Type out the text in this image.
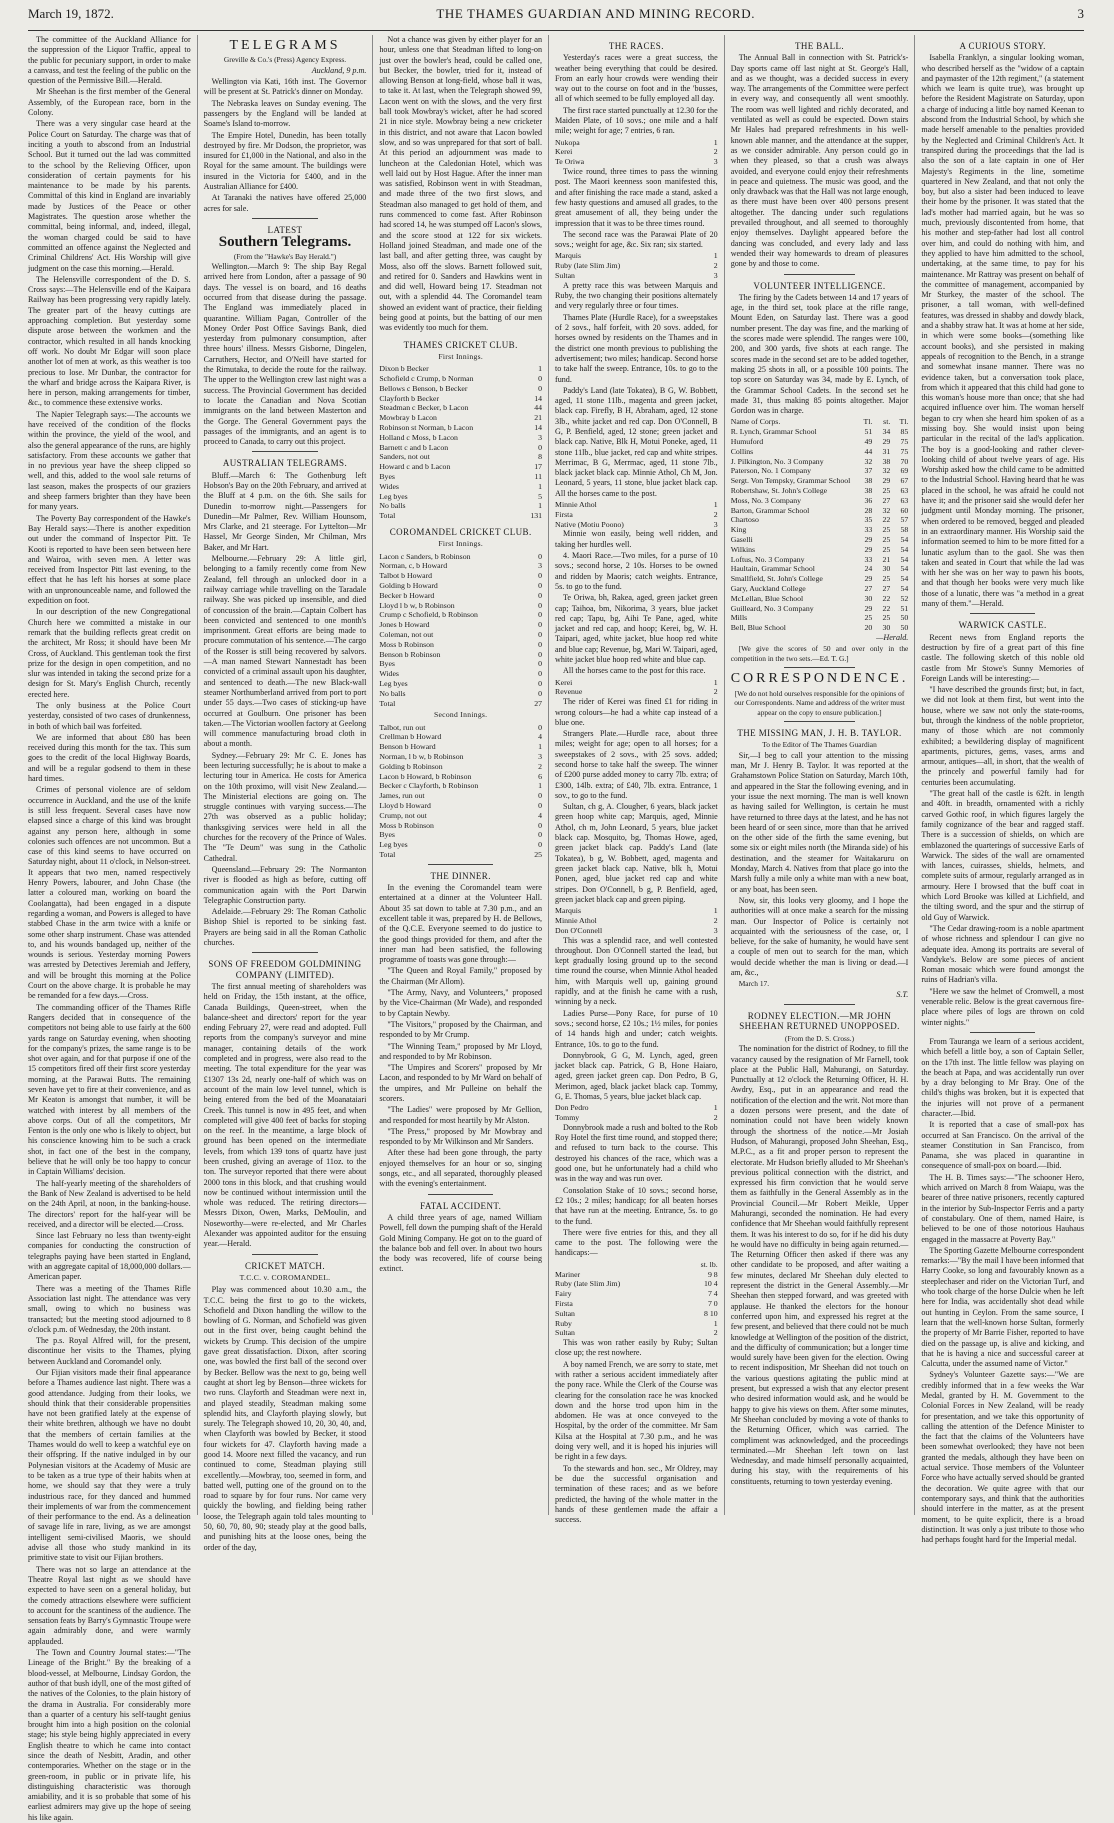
March 19, 1872.	THE THAMES GUARDIAN AND MINING RECORD.	3

The committee of the Auckland Alliance for the suppression of the Liquor Traffic, appeal to the public for pecuniary support, in order to make a canvass, and test the feeling of the public on the question of the Permissive Bill.—Herald.

Mr Sheehan is the first member of the General Assembly, of the European race, born in the Colony.

There was a very singular case heard at the Police Court on Saturday. The charge was that of inciting a youth to abscond from an Industrial School. But it turned out the lad was committed to the school by the Relieving Officer, upon consideration of certain payments for his maintenance to be made by his parents. Committal of this kind in England are invariably made by Justices of the Peace or other Magistrates. The question arose whether the committal, being informal, and, indeed, illegal, the woman charged could be said to have committed an offence against the Neglected and Criminal Childrens' Act. His Worship will give judgment on the case this morning.—Herald.

The Helensville correspondent of the D. S. Cross says:—The Helensville end of the Kaipara Railway has been progressing very rapidly lately. The greater part of the heavy cuttings are approaching completion. But yesterday some dispute arose between the workmen and the contractor, which resulted in all hands knocking off work. No doubt Mr Edgar will soon place another lot of men at work, as this weather is too precious to lose. Mr Dunbar, the contractor for the wharf and bridge across the Kaipara River, is here in person, making arrangements for timber, &c., to commence these extensive works.

The Napier Telegraph says:—The accounts we have received of the condition of the flocks within the province, the yield of the wool, and also the general appearance of the runs, are highly satisfactory. From these accounts we gather that in no previous year have the sheep clipped so well, and this, added to the wool sale returns of last season, makes the prospects of our graziers and sheep farmers brighter than they have been for many years.

The Poverty Bay correspondent of the Hawke's Bay Herald says:—There is another expedition out under the command of Inspector Pitt. Te Kooti is reported to have been seen between here and Wairoa, with seven men. A letter was received from Inspector Pitt last evening, to the effect that he has left his horses at some place with an unpronounceable name, and followed the expedition on foot.

In our description of the new Congregational Church here we committed a mistake in our remark that the building reflects great credit on the architect, Mr Ross; it should have been Mr Cross, of Auckland. This gentleman took the first prize for the design in open competition, and no slur was intended in taking the second prize for a design for St. Mary's English Church, recently erected here.

The only business at the Police Court yesterday, consisted of two cases of drunkenness, in both of which bail was forfeited.

We are informed that about £80 has been received during this month for the tax. This sum goes to the credit of the local Highway Boards, and will be a regular godsend to them in these hard times.

Crimes of personal violence are of seldom occurrence in Auckland, and the use of the knife is still less frequent. Several cases have now elapsed since a charge of this kind was brought against any person here, although in some colonies such offences are not uncommon. But a case of this kind seems to have occurred on Saturday night, about 11 o'clock, in Nelson-street. It appears that two men, named respectively Henry Powers, labourer, and John Chase (the latter a coloured man, working on board the Coolangatta), had been engaged in a dispute regarding a woman, and Powers is alleged to have stabbed Chase in the arm twice with a knife or some other sharp instrument. Chase was attended to, and his wounds bandaged up, neither of the wounds is serious. Yesterday morning Powers was arrested by Detectives Jeremiah and Jeffery, and will be brought this morning at the Police Court on the above charge. It is probable he may be remanded for a few days.—Cross.

The commanding officer of the Thames Rifle Rangers decided that in consequence of the competitors not being able to use fairly at the 600 yards range on Saturday evening, when shooting for the company's prizes, the same range is to be shot over again, and for that purpose if one of the 15 competitors fired off their first score yesterday morning, at the Parawai Butts. The remaining seven have yet to fire at their convenience, and as Mr Keaton is amongst that number, it will be watched with interest by all members of the above corps. Out of all the competitors, Mr Fenton is the only one who is likely to object, but his conscience knowing him to be such a crack shot, in fact one of the best in the company, believe that he will only be too happy to concur in Captain Williams' decision.

The half-yearly meeting of the shareholders of the Bank of New Zealand is advertised to be held on the 24th April, at noon, in the banking-house. The directors' report for the half-year will be received, and a director will be elected.—Cross.

Since last February no less than twenty-eight companies for conducting the construction of telegraphs paying have been started in England, with an aggregate capital of 18,000,000 dollars.—American paper.

There was a meeting of the Thames Rifle Association last night. The attendance was very small, owing to which no business was transacted; but the meeting stood adjourned to 8 o'clock p.m. of Wednesday, the 20th instant.

The p.s. Royal Alfred will, for the present, discontinue her visits to the Thames, plying between Auckland and Coromandel only.

Our Fijian visitors made their final appearance before a Thames audience last night. There was a good attendance. Judging from their looks, we should think that their considerable propensities have not been gratified lately at the expense of their white brethren, although we have no doubt that the members of certain families at the Thames would do well to keep a watchful eye on their offspring. If the native indulged in by our Polynesian visitors at the Academy of Music are to be taken as a true type of their habits when at home, we should say that they were a truly industrious race, for they danced and hummed their implements of war from the commencement of their performance to the end. As a delineation of savage life in rare, living, as we are amongst intelligent semi-civilised Maoris, we should advise all those who study mankind in its primitive state to visit our Fijian brothers.

There was not so large an attendance at the Theatre Royal last night as we should have expected to have seen on a general holiday, but the comedy attractions elsewhere were sufficient to account for the scantiness of the audience. The sensation feats by Barry's Gymnastic Troupe were again admirably done, and were warmly applauded.

The Town and Country Journal states:—"The Lineage of the Bright." By the breaking of a blood-vessel, at Melbourne, Lindsay Gordon, the author of that bush idyll, one of the most gifted of the natives of the Colonies, to the plain history of the drama in Australia. For considerably more than a quarter of a century his self-taught genius brought him into a high position on the colonial stage; his style being highly appreciated in every English theatre to which he came into contact since the death of Nesbitt, Aradin, and other contemporaries. Whether on the stage or in the green-room, in public or in private life, his distinguishing characteristic was thorough amiability, and it is so probable that some of his earliest admirers may give up the hope of seeing his like again.

TELEGRAMS

Greville & Co.'s (Press) Agency Express.

Auckland, 9 p.m.

Wellington via Kati, 16th inst. The Governor will be present at St. Patrick's dinner on Monday.

The Nebraska leaves on Sunday evening. The passengers by the England will be landed at Soame's Island to-morrow.

The Empire Hotel, Dunedin, has been totally destroyed by fire. Mr Dodson, the proprietor, was insured for £1,000 in the National, and also in the Royal for the same amount. The buildings were insured in the Victoria for £400, and in the Australian Alliance for £400.

At Taranaki the natives have offered 25,000 acres for sale.

LATEST
Southern Telegrams.

(From the "Hawke's Bay Herald.")

Wellington.—March 9: The ship Bay Regal arrived here from London, after a passage of 90 days. The vessel is on board, and 16 deaths occurred from that disease during the passage. The England was immediately placed in quarantine. William Pagan, Controller of the Money Order Post Office Savings Bank, died yesterday from pulmonary consumption, after three hours' illness. Messrs Gisborne, Dingelen, Carruthers, Hector, and O'Neill have started for the Rimutaka, to decide the route for the railway. The upper to the Wellington crew last night was a success. The Provincial Government has decided to locate the Canadian and Nova Scotian immigrants on the land between Masterton and the Gorge. The General Government pays the passages of the immigrants, and an agent is to proceed to Canada, to carry out this project.

AUSTRALIAN TELEGRAMS.

Bluff.—March 6: The Gothenburg left Hobson's Bay on the 20th February, and arrived at the Bluff at 4 p.m. on the 6th. She sails for Dunedin to-morrow night.—Passengers for Dunedin—Mr Palmer, Rev. William Hounsom, Mrs Clarke, and 21 steerage. For Lyttelton—Mr Hassel, Mr George Sinden, Mr Chilman, Mrs Baker, and Mr Hart.

Melbourne.—February 29: A little girl, belonging to a family recently come from New Zealand, fell through an unlocked door in a railway carriage while travelling on the Taradale railway. She was picked up insensible, and died of concussion of the brain.—Captain Colbert has been convicted and sentenced to one month's imprisonment. Great efforts are being made to procure commutation of his sentence.—The cargo of the Rosser is still being recovered by salvors.—A man named Stewart Nannestadt has been convicted of a criminal assault upon his daughter, and sentenced to death.—The new Black-wall steamer Northumberland arrived from port to port under 55 days.—Two cases of sticking-up have occurred at Goulburn. One prisoner has been taken.—The Victorian woollen factory at Geelong will commence manufacturing broad cloth in about a month.

Sydney.—February 29: Mr C. E. Jones has been lecturing successfully; he is about to make a lecturing tour in America. He costs for America on the 10th proximo, will visit New Zealand.—The Ministerial elections are going on. The struggle continues with varying success.—The 27th was observed as a public holiday; thanksgiving services were held in all the churches for the recovery of the Prince of Wales. The "Te Deum" was sung in the Catholic Cathedral.

Queensland.—February 29: The Normanton river is flooded as high as before, cutting off communication again with the Port Darwin Telegraphic Construction party.

Adelaide.—February 29: The Roman Catholic Bishop Shiel is reported to be sinking fast. Prayers are being said in all the Roman Catholic churches.

SONS OF FREEDOM GOLDMINING COMPANY (LIMITED).

The first annual meeting of shareholders was held on Friday, the 15th instant, at the office, Canada Buildings, Queen-street, when the balance-sheet and directors' report for the year ending February 27, were read and adopted. Full reports from the company's surveyor and mine manager, containing details of the work completed and in progress, were also read to the meeting. The total expenditure for the year was £1307 13s 2d, nearly one-half of which was on account of the main low level tunnel, which is being entered from the bed of the Moanataiari Creek. This tunnel is now in 495 feet, and when completed will give 400 feet of backs for stoping on the reef. In the meantime, a large block of ground has been opened on the intermediate levels, from which 139 tons of quartz have just been crushed, giving an average of 11oz. to the ton. The surveyor reported that there were about 2000 tons in this block, and that crushing would now be continued without intermission until the whole was reduced. The retiring directors—Messrs Dixon, Owen, Marks, DeMoulin, and Noseworthy—were re-elected, and Mr Charles Alexander was appointed auditor for the ensuing year.—Herald.

CRICKET MATCH.
T.C.C. v. COROMANDEL.

Play was commenced about 10.30 a.m., the T.C.C. being the first to go to the wickets, Schofield and Dixon handling the willow to the bowling of G. Norman, and Schofield was given out in the first over, being caught behind the wickets by Crump. This decision of the umpire gave great dissatisfaction. Dixon, after scoring one, was bowled the first ball of the second over by Becker. Bellow was the next to go, being well caught at short leg by Benson—three wickets for two runs. Clayforth and Steadman were next in, and played steadily, Steadman making some splendid hits, and Clayforth playing slowly, but surely. The Telegraph showed 10, 20, 30, 40, and, when Clayforth was bowled by Becker, it stood four wickets for 47. Clayforth having made a good 14. Moore next filled the vacancy, and run continued to come, Steadman playing still excellently.—Mowbray, too, seemed in form, and batted well, putting one of the ground on to the road to square by for four runs. Nor came very quickly the bowling, and fielding being rather loose, the Telegraph again told tales mounting to 50, 60, 70, 80, 90; steady play at the good balls, and punishing hits at the loose ones, being the order of the day,

Not a chance was given by either player for an hour, unless one that Steadman lifted to long-on just over the bowler's head, could be called one, but Becker, the bowler, tried for it, instead of allowing Benson at long-field, whose ball it was, to take it. At last, when the Telegraph showed 99, Lacon went on with the slows, and the very first ball took Mowbray's wicket, after he had scored 21 in nice style. Mowbray being a new cricketer in this district, and not aware that Lacon bowled slow, and so was unprepared for that sort of ball. At this period an adjournment was made to luncheon at the Caledonian Hotel, which was well laid out by Host Hague. After the inner man was satisfied, Robinson went in with Steadman, and made three of the two first slows, and Steadman also managed to get hold of them, and runs commenced to come fast. After Robinson had scored 14, he was stumped off Lacon's slows, and the score stood at 122 for six wickets. Holland joined Steadman, and made one of the last ball, and after getting three, was caught by Moss, also off the slows. Barnett followed suit, and retired for 0. Sanders and Hawkins went in and did well, Howard being 17. Steadman not out, with a splendid 44. The Coromandel team showed an evident want of practice, their fielding being good at points, but the batting of our men was evidently too much for them.

THAMES CRICKET CLUB.
First Innings.
Dixon b Becker	1
Schofield c Crump, b Norman	0
Bellows c Benson, b Becker	0
Clayforth b Becker	14
Steadman c Becker, b Lacon	44
Mowbray b Lacon	21
Robinson st Norman, b Lacon	14
Holland c Moss, b Lacon	3
Barnett c and b Lacon	0
Sanders, not out	8
Howard c and b Lacon	17
Byes	11
Wides	1
Leg byes	5
No balls	1
Total	131
COROMANDEL CRICKET CLUB.
First Innings.
Lacon c Sanders, b Robinson	0
Norman, c, b Howard	3
Talbot b Howard	0
Golding b Howard	0
Becker b Howard	0
Lloyd l b w, b Robinson	0
Crump c Schofield, b Robinson	0
Jones b Howard	0
Coleman, not out	0
Moss b Robinson	0
Benson b Robinson	0
Byes	0
Wides	0
Leg byes	0
No balls	0
Total	27
Second Innings.
Talbot, run out	0
Crellman b Howard	4
Benson b Howard	1
Norman, l b w, b Robinson	3
Golding b Robinson	2
Lacon b Howard, b Robinson	6
Becker c Clayforth, b Robinson	1
James, run out	0
Lloyd b Howard	0
Crump, not out	4
Moss b Robinson	0
Byes	0
Leg byes	0
Total	25
THE DINNER.

In the evening the Coromandel team were entertained at a dinner at the Volunteer Hall. About 35 sat down to table at 7.30 p.m., and an excellent table it was, prepared by H. de Bellows, of the Q.C.E. Everyone seemed to do justice to the good things provided for them, and after the inner man had been satisfied, the following programme of toasts was gone through:—

"The Queen and Royal Family," proposed by the Chairman (Mr Allom).

"The Army, Navy, and Volunteers," proposed by the Vice-Chairman (Mr Wade), and responded to by Captain Newby.

"The Visitors," proposed by the Chairman, and responded to by Mr Crump.

"The Winning Team," proposed by Mr Lloyd, and responded to by Mr Robinson.

"The Umpires and Scorers" proposed by Mr Lacon, and responded to by Mr Ward on behalf of the umpires, and Mr Pulleine on behalf the scorers.

"The Ladies" were proposed by Mr Gellion, and responded for most heartily by Mr Alston.

"The Press," proposed by Mr Mowbray and responded to by Mr Wilkinson and Mr Sanders.

After these had been gone through, the party enjoyed themselves for an hour or so, singing songs, etc., and all separated, thoroughly pleased with the evening's entertainment.

FATAL ACCIDENT.

A child three years of age, named William Powell, fell down the pumping shaft of the Herald Gold Mining Company. He got on to the guard of the balance bob and fell over. In about two hours the body was recovered, life of course being extinct.

THE RACES.

Yesterday's races were a great success, the weather being everything that could be desired. From an early hour crowds were wending their way out to the course on foot and in the 'busses, all of which seemed to be fully employed all day.

The first race started punctually at 12.30 for the Maiden Plate, of 10 sovs.; one mile and a half mile; weight for age; 7 entries, 6 ran.

Nukopa	1
Kerei	2
Te Oriwa	3

Twice round, three times to pass the winning post. The Maori keenness soon manifested this, and after finishing the race made a stand, asked a few hasty questions and amused all grades, to the great amusement of all, they being under the impression that it was to be three times round.

The second race was the Parawai Plate of 20 sovs.; weight for age, &c. Six ran; six started.

Marquis	1
Ruby (late Slim Jim)	2
Sultan	3

A pretty race this was between Marquis and Ruby, the two changing their positions alternately and very regularly three or four times.

Thames Plate (Hurdle Race), for a sweepstakes of 2 sovs., half forfeit, with 20 sovs. added, for horses owned by residents on the Thames and in the district one month previous to publishing the advertisement; two miles; handicap. Second horse to take half the sweep. Entrance, 10s. to go to the fund.

Paddy's Land (late Tokatea), B G, W. Bobbett, aged, 11 stone 11lb., magenta and green jacket, black cap. Firefly, B H, Abraham, aged, 12 stone 3lb., white jacket and red cap. Don O'Connell, B G, P. Benfield, aged, 12 stone; green jacket and black cap. Native, Blk H, Motui Poneke, aged, 11 stone 11lb., blue jacket, red cap and white stripes. Merrimac, B G, Merrmac, aged, 11 stone 7lb., black jacket black cap. Minnie Athol, Ch M, Jon. Leonard, 5 years, 11 stone, blue jacket black cap. All the horses came to the post.

Minnie Athol	1
Firsta	2
Native (Motiu Poono)	3

Minnie won easily, being well ridden, and taking her hurdles well.

4. Maori Race.—Two miles, for a purse of 10 sovs.; second horse, 2 10s. Horses to be owned and ridden by Maoris; catch weights. Entrance, 5s. to go to the fund.

Te Oriwa, bh, Rakea, aged, green jacket green cap; Taihoa, bm, Nikorima, 3 years, blue jacket red cap; Tapu, bg, Aihi Te Pane, aged, white jacket and red cap, and hoop; Kerei, bg, W. H. Taipari, aged, white jacket, blue hoop red white and blue cap; Revenue, bg, Mari W. Taipari, aged, white jacket blue hoop red white and blue cap.

All the horses came to the post for this race.

Kerei	1
Revenue	2

The rider of Kerei was fined £1 for riding in wrong colours—he had a white cap instead of a blue one.

Strangers Plate.—Hurdle race, about three miles; weight for age; open to all horses; for a sweepstakes of 2 sovs., with 25 sovs. added; second horse to take half the sweep. The winner of £200 purse added money to carry 7lb. extra; of £300, 14lb. extra; of £40, 7lb. extra. Entrance, 1 sov., to go to the fund.

Sultan, ch g, A. Clougher, 6 years, black jacket green hoop white cap; Marquis, aged, Minnie Athol, ch m, John Leonard, 5 years, blue jacket black cap. Mosquito, bg, Thomas Howe, aged, green jacket black cap. Paddy's Land (late Tokatea), b g, W. Bobbett, aged, magenta and green jacket black cap. Native, blk h, Motui Ponen, aged, blue jacket red cap and white stripes. Don O'Connell, b g, P. Benfield, aged, green jacket black cap and green piping.

Marquis	1
Minnie Athol	2
Don O'Connell	3

This was a splendid race, and well contested throughout. Don O'Connell started the lead, but kept gradually losing ground up to the second time round the course, when Minnie Athol headed him, with Marquis well up, gaining ground rapidly, and at the finish he came with a rush, winning by a neck.

Ladies Purse—Pony Race, for purse of 10 sovs.; second horse, £2 10s.; 1½ miles, for ponies of 14 hands high and under; catch weights. Entrance, 10s. to go to the fund.

Donnybrook, G G, M. Lynch, aged, green jacket black cap. Patrick, G B, Hone Haiaro, aged, green jacket green cap. Don Pedro, B G, Merimon, aged, black jacket black cap. Tommy, G, E. Thomas, 5 years, blue jacket black cap.

Don Pedro	1
Tommy	2

Donnybrook made a rush and bolted to the Rob Roy Hotel the first time round, and stopped there; and refused to turn back to the course. This destroyed his chances of the race, which was a good one, but he unfortunately had a child who was in the way and was run over.

Consolation Stake of 10 sovs.; second horse, £2 10s.; 2 miles; handicap; for all beaten horses that have run at the meeting. Entrance, 5s. to go to the fund.

There were five entries for this, and they all came to the post. The following were the handicaps:—

	st. lb.
Mariner	9 8
Ruby (late Slim Jim)	10 4
Fairy	7 4
Firsta	7 0
Sultan	8 10
Ruby	1
Sultan	2

This was won rather easily by Ruby; Sultan close up; the rest nowhere.

A boy named French, we are sorry to state, met with rather a serious accident immediately after the pony race. While the Clerk of the Course was clearing for the consolation race he was knocked down and the horse trod upon him in the abdomen. He was at once conveyed to the Hospital, by the order of the committee. Mr Sam Kilsa at the Hospital at 7.30 p.m., and he was doing very well, and it is hoped his injuries will be right in a few days.

To the stewards and hon. sec., Mr Oldrey, may be due the successful organisation and termination of these races; and as we before predicted, the having of the whole matter in the hands of these gentlemen made the affair a success.

THE BALL.

The Annual Ball in connection with St. Patrick's-Day sports came off last night at St. George's Hall, and as we thought, was a decided success in every way. The arrangements of the Committee were perfect in every way, and consequently all went smoothly. The room was well lighted and richly decorated, and ventilated as well as could be expected. Down stairs Mr Hales had prepared refreshments in his well-known able manner, and the attendance at the supper, as we consider admirable. Any person could go in when they pleased, so that a crush was always avoided, and everyone could enjoy their refreshments in peace and quietness. The music was good, and the only drawback was that the Hall was not large enough, as there must have been over 400 persons present altogether. The dancing under such regulations prevailed throughout, and all seemed to thoroughly enjoy themselves. Daylight appeared before the dancing was concluded, and every lady and lass wended their way homewards to dream of pleasures gone by and those to come.

VOLUNTEER INTELLIGENCE.

The firing by the Cadets between 14 and 17 years of age, in the third set, took place at the rifle range, Mount Eden, on Saturday last. There was a good number present. The day was fine, and the marking of the scores made were splendid. The ranges were 100, 200, and 300 yards, five shots at each range. The scores made in the second set are to be added together, making 25 shots in all, or a possible 100 points. The top score on Saturday was 34, made by E. Lynch, of the Grammar School Cadets. In the second set he made 31, thus making 85 points altogether. Major Gordon was in charge.

Name of Corps.	Tl.	st.	Tl.
R. Lynch, Grammar School	51	34	85
Humuford	49	29	75
Collins	44	31	75
J. Pilkington, No. 3 Company	32	38	70
Paterson, No. 1 Company	37	32	69
Sergt. Von Tempsky, Grammar School	38	29	67
Robertshaw, St. John's College	38	25	63
Moss, No. 3 Company	36	27	63
Barton, Grammar School	28	32	60
Chartoso	35	22	57
King	33	25	58
Gaselli	29	25	54
Wilkins	29	25	54
Loftus, No. 3 Company	33	21	54
Haultain, Grammar School	24	30	54
Smallfield, St. John's College	29	25	54
Gary, Auckland College	27	27	54
McLellan, Blue School	30	22	52
Guilleard, No. 3 Company	29	22	51
Mills	25	25	50
Bell, Blue School	20	30	50

—Herald.

[We give the scores of 50 and over only in the competition in the two sets.—Ed. T. G.]

CORRESPONDENCE.

[We do not hold ourselves responsible for the opinions of our Correspondents. Name and address of the writer must appear on the copy to ensure publication.]

THE MISSING MAN, J. H. B. TAYLOR.

To the Editor of The Thames Guardian

Sir,—I beg to call your attention to the missing man, Mr J. Henry B. Taylor. It was reported at the Grahamstown Police Station on Saturday, March 10th, and appeared in the Star the following evening, and in your issue the next morning. The man is well known as having sailed for Wellington, is certain he must have returned to three days at the latest, and he has not been heard of or seen since, more than that he arrived on the other side of the firth the same evening, but some six or eight miles north (the Miranda side) of his destination, and the steamer for Waitakaruru on Monday, March 4. Natives from that place go into the Marsh fully a mile only a white man with a new boat, or any boat, has been seen.

Now, sir, this looks very gloomy, and I hope the authorities will at once make a search for the missing man. Our Inspector of Police is certainly not acquainted with the seriousness of the case, or, I believe, for the sake of humanity, he would have sent a couple of men out to search for the man, which would decide whether the man is living or dead.—I am, &c.,

March 17.

S.T.

RODNEY ELECTION.—MR JOHN SHEEHAN RETURNED UNOPPOSED.

(From the D. S. Cross.)

The nomination for the district of Rodney, to fill the vacancy caused by the resignation of Mr Farnell, took place at the Public Hall, Mahurangi, on Saturday. Punctually at 12 o'clock the Returning Officer, H. H. Awdry, Esq., put in an appearance and read the notification of the election and the writ. Not more than a dozen persons were present, and the date of nomination could not have been widely known through the shortness of the notice.—Mr Josiah Hudson, of Mahurangi, proposed John Sheehan, Esq., M.P.C., as a fit and proper person to represent the electorate. Mr Hudson briefly alluded to Mr Sheehan's previous political connection with the district, and expressed his firm conviction that he would serve them as faithfully in the General Assembly as in the Provincial Council.—Mr Robert Meikle, Upper Mahurangi, seconded the nomination. He had every confidence that Mr Sheehan would faithfully represent them. It was his interest to do so, for if he did his duty he would have no difficulty in being again returned.—The Returning Officer then asked if there was any other candidate to be proposed, and after waiting a few minutes, declared Mr Sheehan duly elected to represent the district in the General Assembly.—Mr Sheehan then stepped forward, and was greeted with applause. He thanked the electors for the honour conferred upon him, and expressed his regret at the few present, and believed that there could not be much knowledge at Wellington of the position of the district, and the difficulty of communication; but a longer time would surely have been given for the election. Owing to recent indisposition, Mr Sheehan did not touch on the various questions agitating the public mind at present, but expressed a wish that any elector present who desired information would ask, and he would be happy to give his views on them. After some minutes, Mr Sheehan concluded by moving a vote of thanks to the Returning Officer, which was carried. The compliment was acknowledged, and the proceedings terminated.—Mr Sheehan left town on last Wednesday, and made himself personally acquainted, during his stay, with the requirements of his constituents, returning to town yesterday evening.

A CURIOUS STORY.

Isabella Franklyn, a singular looking woman, who described herself as the "widow of a captain and paymaster of the 12th regiment," (a statement which we learn is quite true), was brought up before the Resident Magistrate on Saturday, upon a charge of inducing a little boy named Keenan to abscond from the Industrial School, by which she made herself amenable to the penalties provided by the Neglected and Criminal Children's Act. It transpired during the proceedings that the lad is also the son of a late captain in one of Her Majesty's Regiments in the line, sometime quartered in New Zealand, and that not only the boy, but also a sister had been induced to leave their home by the prisoner. It was stated that the lad's mother had married again, but he was so much, previously discontented from home, that his mother and step-father had lost all control over him, and could do nothing with him, and they applied to have him admitted to the school, undertaking, at the same time, to pay for his maintenance. Mr Rattray was present on behalf of the committee of management, accompanied by Mr Sturkey, the master of the school. The prisoner, a tall woman, with well-defined features, was dressed in shabby and dowdy black, and a shabby straw hat. It was at home at her side, in which were some books—(something like account books), and she persisted in making appeals of recognition to the Bench, in a strange and somewhat insane manner. There was no evidence taken, but a conversation took place, from which it appeared that this child had gone to this woman's house more than once; that she had acquired influence over him. The woman herself began to cry when she heard him spoken of as a missing boy. She would insist upon being particular in the recital of the lad's application. The boy is a good-looking and rather clever-looking child of about twelve years of age. His Worship asked how the child came to be admitted to the Industrial School. Having heard that he was placed in the school, he was afraid he could not have it; and the prisoner said she would defer her judgment until Monday morning. The prisoner, when ordered to be removed, begged and pleaded in an extraordinary manner. His Worship said the information seemed to him to be more fitted for a lunatic asylum than to the gaol. She was then taken and seated in Court that while the lad was with her she was on her way to pawn his boots, and that though her books were very much like those of a lunatic, there was "a method in a great many of them."—Herald.

WARWICK CASTLE.

Recent news from England reports the destruction by fire of a great part of this fine castle. The following sketch of this noble old castle from Mr Stowe's Sunny Memories of Foreign Lands will be interesting:—

"I have described the grounds first; but, in fact, we did not look at them first, but went into the house, where we saw not only the state-rooms, but, through the kindness of the noble proprietor, many of those which are not commonly exhibited; a bewildering display of magnificent apartments, pictures, gems, vases, arms and armour, antiques—all, in short, that the wealth of the princely and powerful family had for centuries been accumulating.

"The great hall of the castle is 62ft. in length and 40ft. in breadth, ornamented with a richly carved Gothic roof, in which figures largely the family cognizance of the bear and ragged staff. There is a succession of shields, on which are emblazoned the quarterings of successive Earls of Warwick. The sides of the wall are ornamented with lances, cuirasses, shields, helmets, and complete suits of armour, regularly arranged as in armoury. Here I browsed that the buff coat in which Lord Brooke was killed at Lichfield, and the tilting sword, and the spur and the stirrup of old Guy of Warwick.

"The Cedar drawing-room is a noble apartment of whose richness and splendour I can give no adequate idea. Among its portraits are several of Vandyke's. Below are some pieces of ancient Roman mosaic which were found amongst the ruins of Hadrian's villa.

"Here we saw the helmet of Cromwell, a most venerable relic. Below is the great cavernous fire-place where piles of logs are thrown on cold winter nights."

From Tauranga we learn of a serious accident, which befell a little boy, a son of Captain Seller, on the 17th inst. The little fellow was playing on the beach at Papa, and was accidentally run over by a dray belonging to Mr Bray. One of the child's thighs was broken, but it is expected that the injuries will not prove of a permanent character.—Ibid.

It is reported that a case of small-pox has occurred at San Francisco. On the arrival of the steamer Constitution in San Francisco, from Panama, she was placed in quarantine in consequence of small-pox on board.—Ibid.

The H. B. Times says:—"The schooner Hero, which arrived on March 8 from Waiapu, was the bearer of three native prisoners, recently captured in the interior by Sub-Inspector Ferris and a party of constabulary. One of them, named Haire, is believed to be one of those notorious Hauhaus engaged in the massacre at Poverty Bay."

The Sporting Gazette Melbourne correspondent remarks:—"By the mail I have been informed that Harry Cooke, so long and favourably known as a steeplechaser and rider on the Victorian Turf, and who took charge of the horse Dulcie when he left here for India, was accidentally shot dead while out hunting in Ceylon. From the same source, I learn that the well-known horse Sultan, formerly the property of Mr Barrie Fisher, reported to have died on the passage up, is alive and kicking, and that he is having a nice and successful career at Calcutta, under the assumed name of Victor."

Sydney's Volunteer Gazette says:—"We are credibly informed that in a few weeks the War Medal, granted by H. M. Government to the Colonial Forces in New Zealand, will be ready for presentation, and we take this opportunity of calling the attention of the Defence Minister to the fact that the claims of the Volunteers have been somewhat overlooked; they have not been granted the medals, although they have been on actual service. Those members of the Volunteer Force who have actually served should be granted the decoration. We quite agree with that our contemporary says, and think that the authorities should interfere in the matter, as at the present moment, to be quite explicit, there is a broad distinction. It was only a just tribute to those who had perhaps fought hard for the Imperial medal.
